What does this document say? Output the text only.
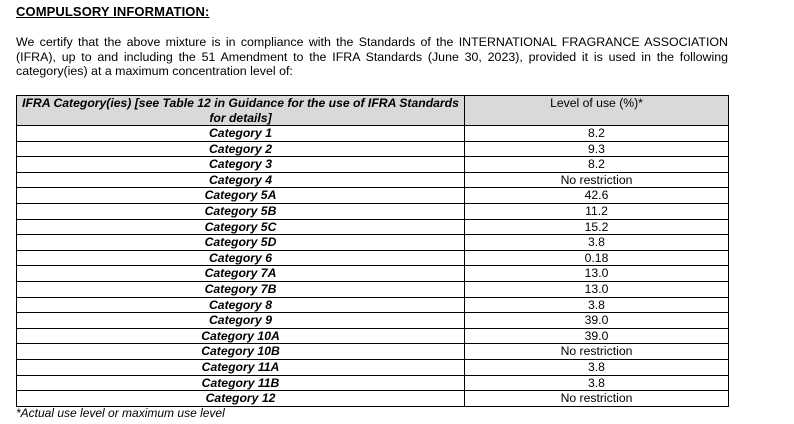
COMPULSORY INFORMATION:
We certify that the above mixture is in compliance with the Standards of the INTERNATIONAL FRAGRANCE ASSOCIATION (IFRA), up to and including the 51 Amendment to the IFRA Standards (June 30, 2023), provided it is used in the following category(ies) at a maximum concentration level of:
IFRA Category(ies) [see Table 12 in Guidance for the use of IFRA Standards for details]	Level of use (%)*
Category 1	8.2
Category 2	9.3
Category 3	8.2
Category 4	No restriction
Category 5A	42.6
Category 5B	11.2
Category 5C	15.2
Category 5D	3.8
Category 6	0.18
Category 7A	13.0
Category 7B	13.0
Category 8	3.8
Category 9	39.0
Category 10A	39.0
Category 10B	No restriction
Category 11A	3.8
Category 11B	3.8
Category 12	No restriction
*Actual use level or maximum use level
